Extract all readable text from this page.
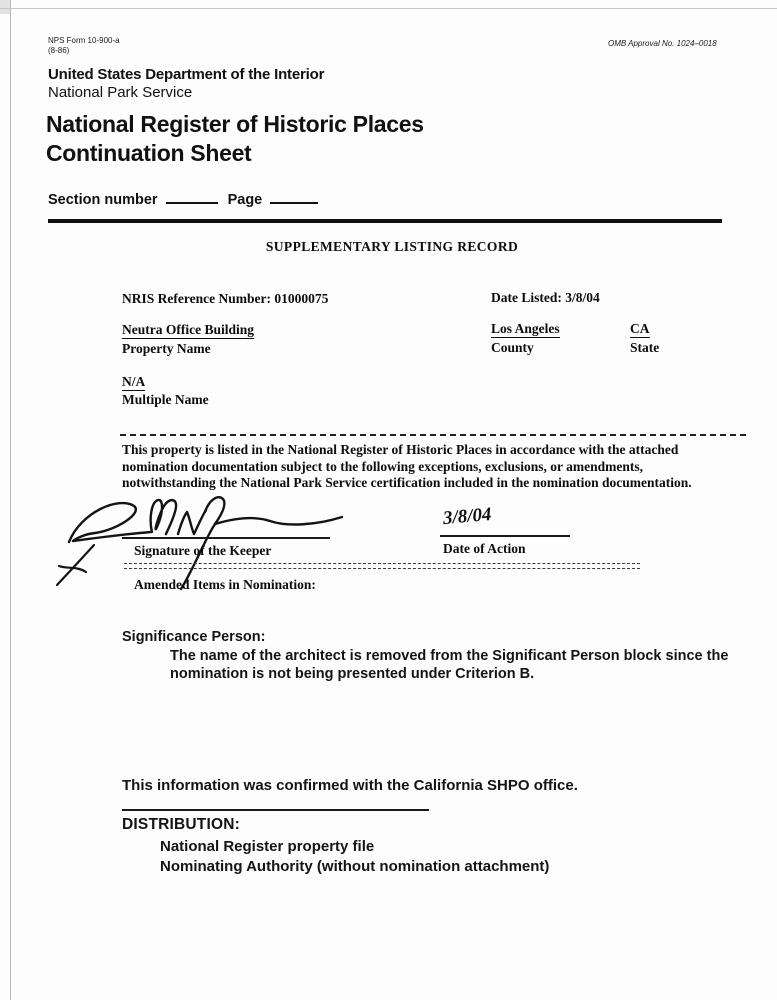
NPS Form 10-900-a
(8-86)
OMB Approval No. 1024–0018
United States Department of the Interior
National Park Service
National Register of Historic Places
Continuation Sheet
Section number	Page
SUPPLEMENTARY LISTING RECORD
NRIS Reference Number: 01000075	Date Listed: 3/8/04
Neutra Office Building
Property Name
Los Angeles
County
CA
State
N/A
Multiple Name
This property is listed in the National Register of Historic Places in accordance with the attached
nomination documentation subject to the following exceptions, exclusions, or amendments,
notwithstanding the National Park Service certification included in the nomination documentation.
Signature of the Keeper
3/8/04
Date of Action
Amended Items in Nomination:
Significance Person:
The name of the architect is removed from the Significant Person block since the
nomination is not being presented under Criterion B.
This information was confirmed with the California SHPO office.
DISTRIBUTION:
National Register property file
Nominating Authority (without nomination attachment)
